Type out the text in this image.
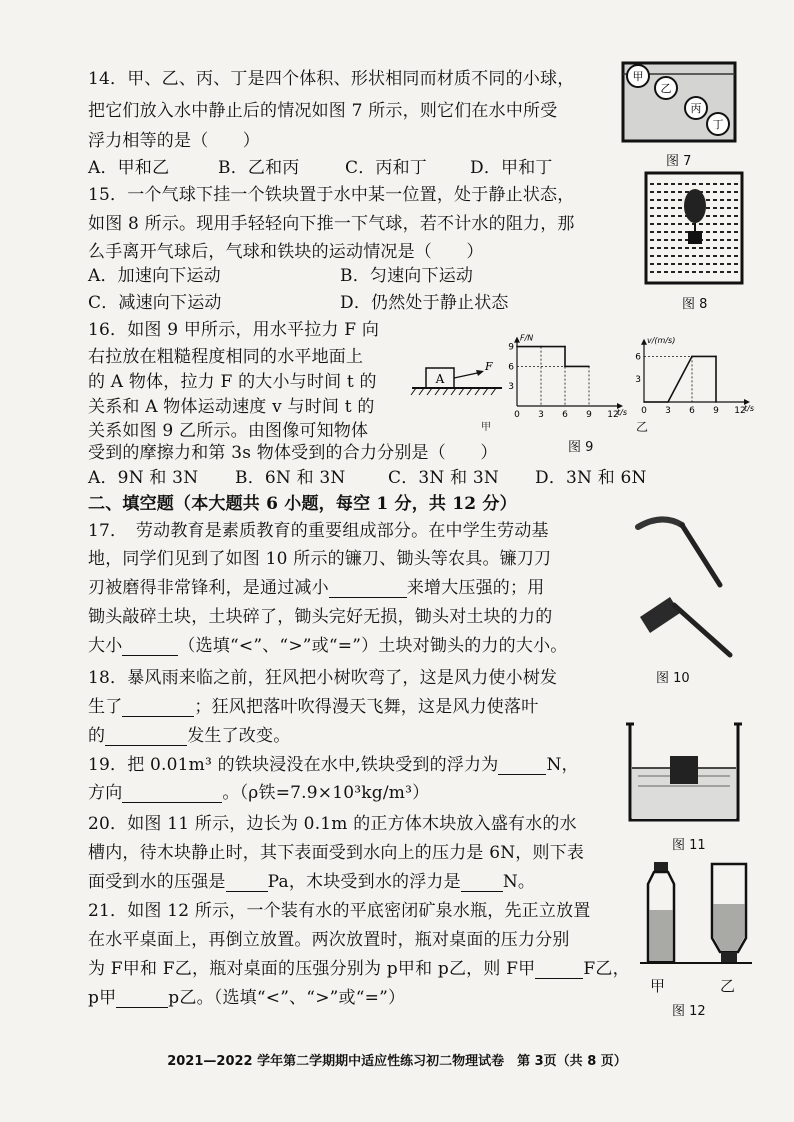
14．甲、乙、丙、丁是四个体积、形状相同而材质不同的小球，
把它们放入水中静止后的情况如图 7 所示，则它们在水中所受
浮力相等的是（　　）
A．甲和乙	B．乙和丙	C．丙和丁	D．甲和丁
甲
乙
丙
丁
图 7
15．一个气球下挂一个铁块置于水中某一位置，处于静止状态，
如图 8 所示。现用手轻轻向下推一下气球，若不计水的阻力，那
么手离开气球后，气球和铁块的运动情况是（　　）
A．加速向下运动	B．匀速向下运动
C．减速向下运动	D．仍然处于静止状态	图 8
16．如图 9 甲所示，用水平拉力 F 向
右拉放在粗糙程度相同的水平地面上
的 A 物体，拉力 F 的大小与时间 t 的
关系和 A 物体运动速度 v 与时间 t 的
关系如图 9 乙所示。由图像可知物体
受到的摩擦力和第 3s 物体受到的合力分别是（　　）
A．9N 和 3N B．6N 和 3N	C．3N 和 3N D．3N 和 6N
A
F
甲
F/N
t/s
0 3 6 9 12
3
6
9
v/(m/s)
t/s
0 3 6 9 12
3
6
乙
图 9
二、填空题（本大题共 6 小题，每空 1 分，共 12 分）
17．　劳动教育是素质教育的重要组成部分。在中学生劳动基
地，同学们见到了如图 10 所示的镰刀、锄头等农具。镰刀刀
刃被磨得非常锋利，是通过减小	来增大压强的；用
锄头敲碎土块，土块碎了，锄头完好无损，锄头对土块的力的
大小	（选填“<”、“>”或“=”）土块对锄头的力的大小。
图 10
18．暴风雨来临之前，狂风把小树吹弯了，这是风力使小树发
生了	；狂风把落叶吹得漫天飞舞，这是风力使落叶
的	发生了改变。
19．把 0.01m³ 的铁块浸没在水中,铁块受到的浮力为	N，
方向	。（ρ铁=7.9×10³kg/m³）
图 11
20．如图 11 所示，边长为 0.1m 的正方体木块放入盛有水的水
槽内，待木块静止时，其下表面受到水向上的压力是 6N，则下表
面受到水的压强是 Pa，木块受到水的浮力是 N。
21．如图 12 所示，一个装有水的平底密闭矿泉水瓶，先正立放置
在水平桌面上，再倒立放置。两次放置时，瓶对桌面的压力分别
为 F甲和 F乙，瓶对桌面的压强分别为 p甲和 p乙，则 F甲	F乙，
p甲	p乙。（选填“<”、“>”或“=”）
甲	乙
图 12
2021—2022 学年第二学期期中适应性练习初二物理试卷　第 3页（共 8 页）
